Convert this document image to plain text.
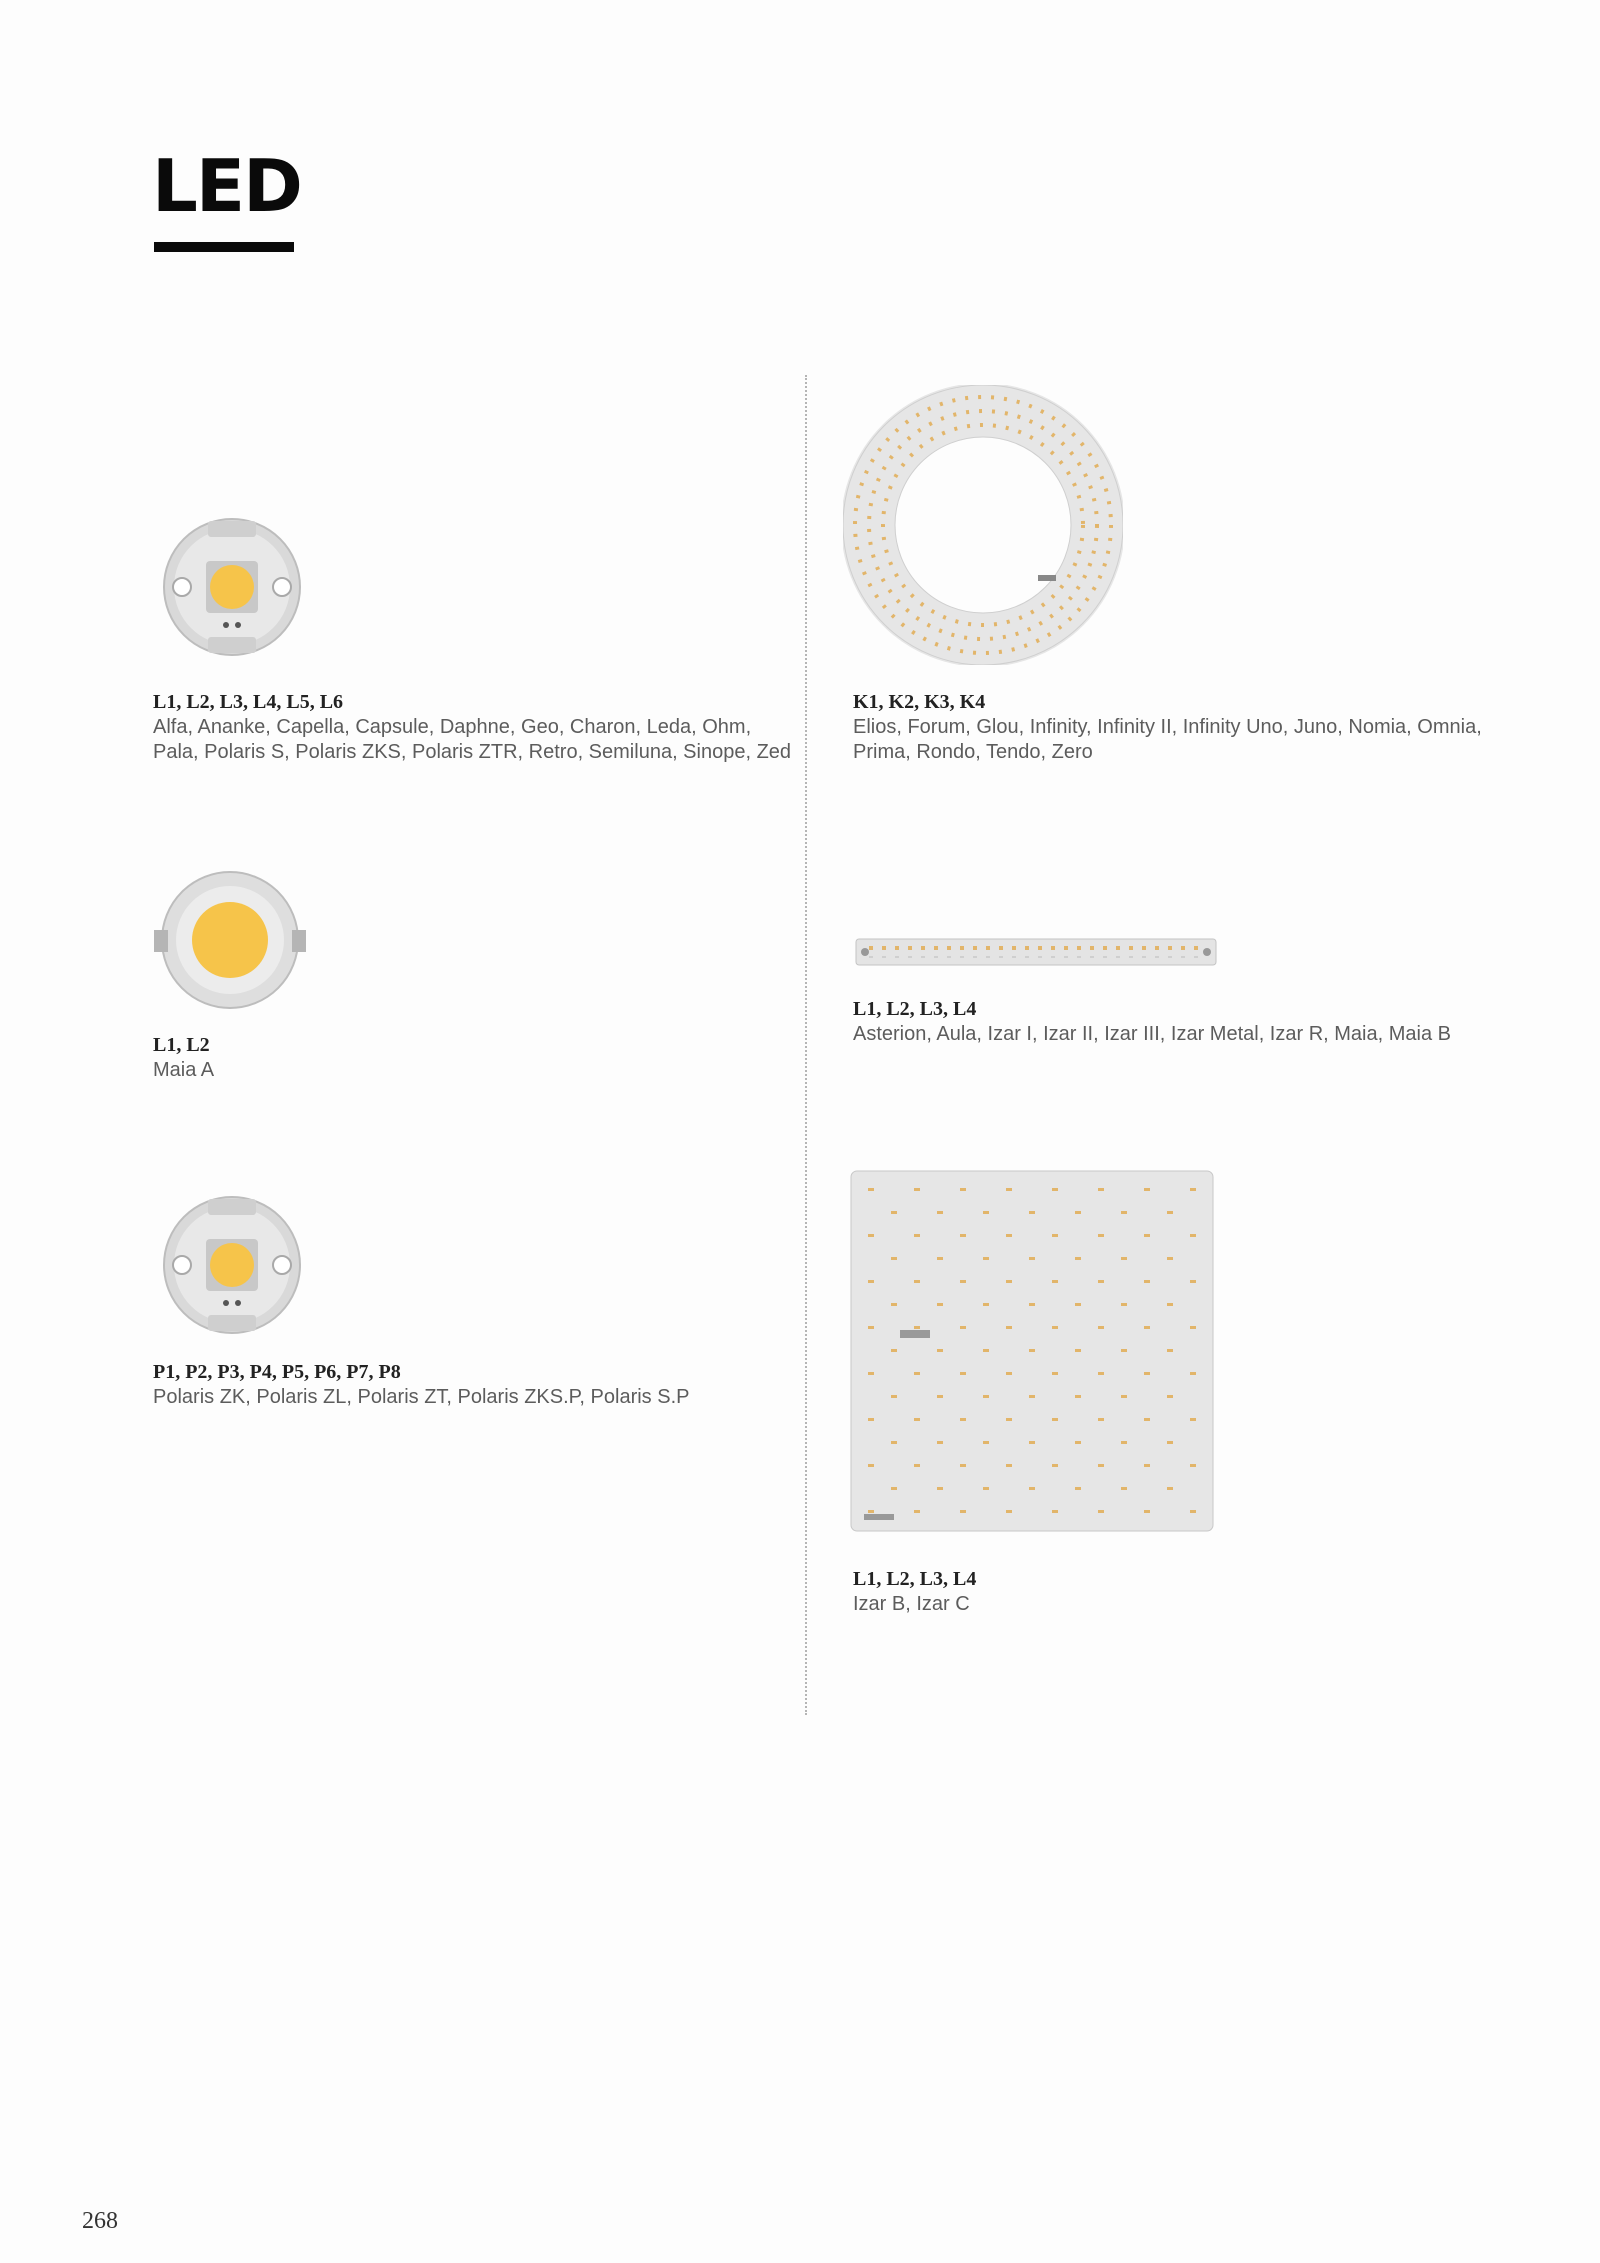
LED

L1, L2, L3, L4, L5, L6

Alfa, Ananke, Capella, Capsule, Daphne, Geo, Charon, Leda, Ohm, Pala, Polaris S, Polaris ZKS, Polaris ZTR, Retro, Semiluna, Sinope, Zed

K1, K2, K3, K4

Elios, Forum, Glou, Infinity, Infinity II, Infinity Uno, Juno, Nomia, Omnia, Prima, Rondo, Tendo, Zero

L1, L2

Maia A

L1, L2, L3, L4

Asterion, Aula, Izar I, Izar II, Izar III, Izar Metal, Izar R, Maia, Maia B

P1, P2, P3, P4, P5, P6, P7, P8

Polaris ZK, Polaris ZL, Polaris ZT, Polaris ZKS.P, Polaris S.P

L1, L2, L3, L4

Izar B, Izar C

268
